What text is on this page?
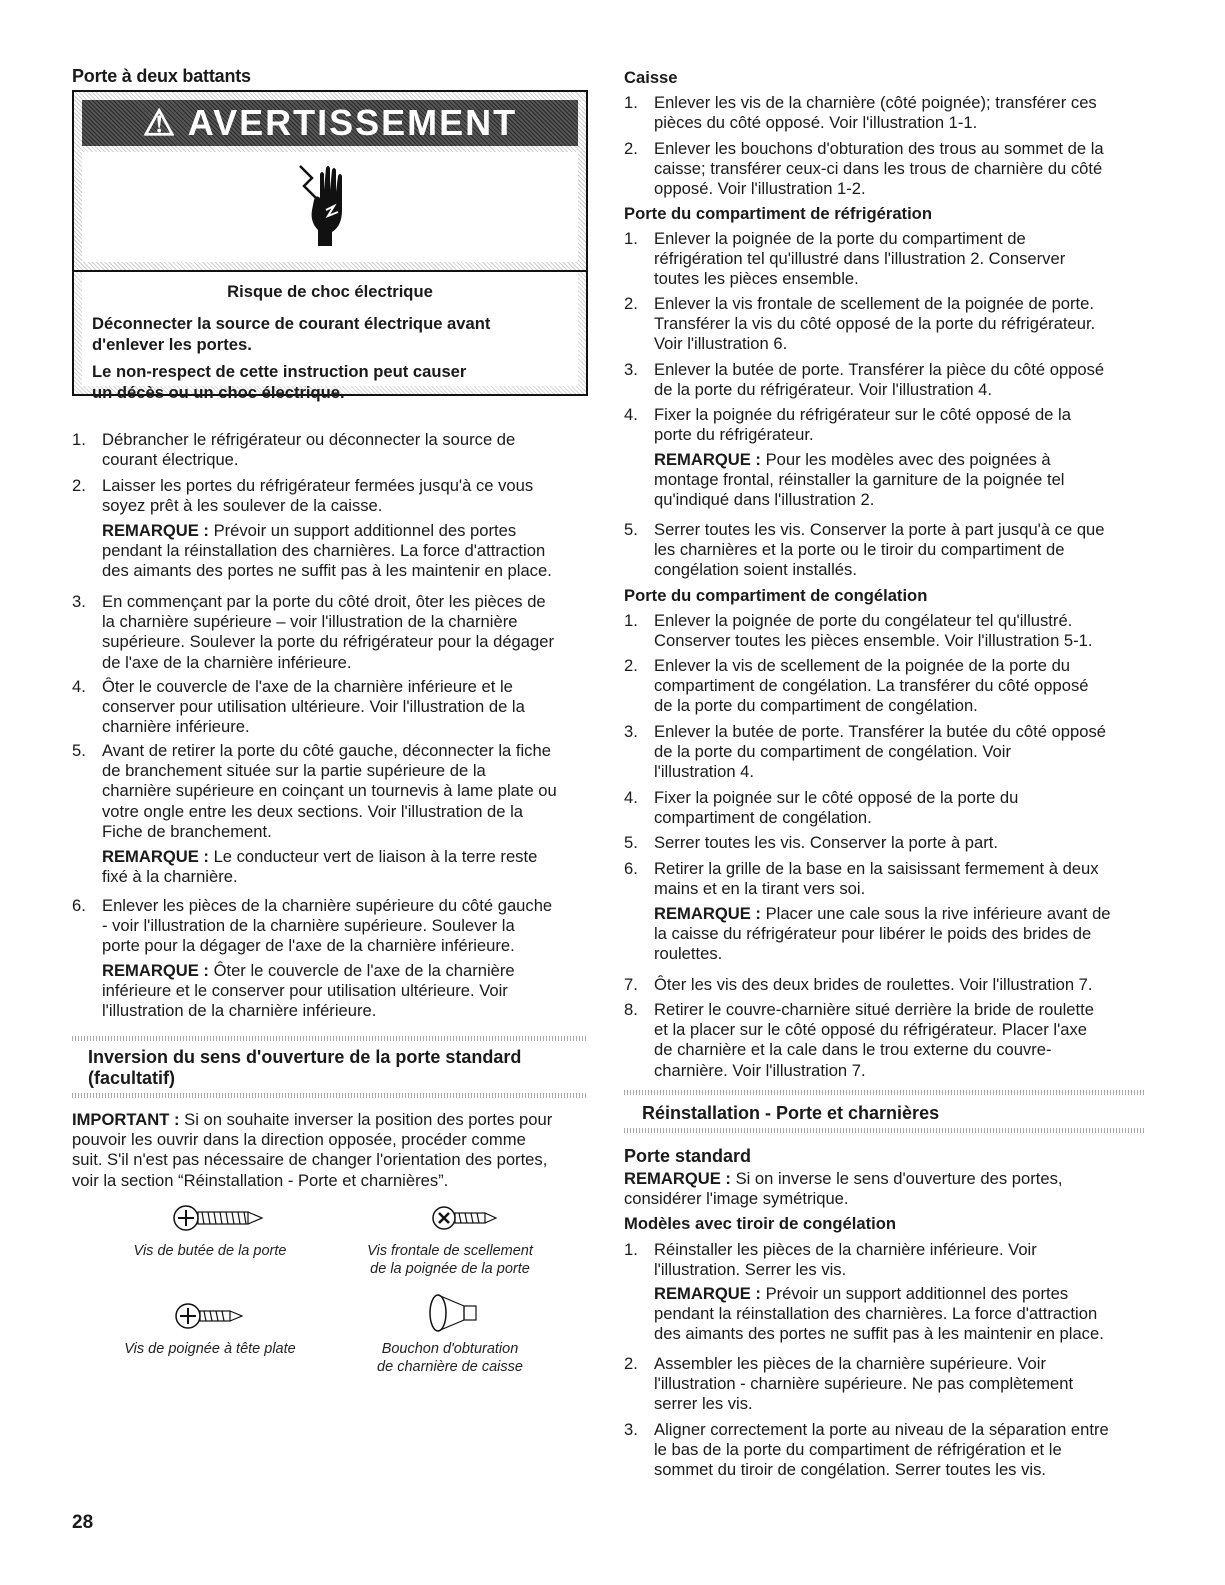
Porte à deux battants
⚠ AVERTISSEMENT
Risque de choc électrique
Déconnecter la source de courant électrique avant
d'enlever les portes.
Le non-respect de cette instruction peut causer
un décès ou un choc électrique.
1. Débrancher le réfrigérateur ou déconnecter la source de
courant électrique.
2. Laisser les portes du réfrigérateur fermées jusqu'à ce vous
soyez prêt à les soulever de la caisse.
REMARQUE : Prévoir un support additionnel des portes
pendant la réinstallation des charnières. La force d'attraction
des aimants des portes ne suffit pas à les maintenir en place.
3. En commençant par la porte du côté droit, ôter les pièces de
la charnière supérieure – voir l'illustration de la charnière
supérieure. Soulever la porte du réfrigérateur pour la dégager
de l'axe de la charnière inférieure.
4. Ôter le couvercle de l'axe de la charnière inférieure et le
conserver pour utilisation ultérieure. Voir l'illustration de la
charnière inférieure.
5. Avant de retirer la porte du côté gauche, déconnecter la fiche
de branchement située sur la partie supérieure de la
charnière supérieure en coinçant un tournevis à lame plate ou
votre ongle entre les deux sections. Voir l'illustration de la
Fiche de branchement.
REMARQUE : Le conducteur vert de liaison à la terre reste
fixé à la charnière.
6. Enlever les pièces de la charnière supérieure du côté gauche
- voir l'illustration de la charnière supérieure. Soulever la
porte pour la dégager de l'axe de la charnière inférieure.
REMARQUE : Ôter le couvercle de l'axe de la charnière
inférieure et le conserver pour utilisation ultérieure. Voir
l'illustration de la charnière inférieure.
Inversion du sens d'ouverture de la porte standard
(facultatif)
IMPORTANT : Si on souhaite inverser la position des portes pour
pouvoir les ouvrir dans la direction opposée, procéder comme
suit. S'il n'est pas nécessaire de changer l'orientation des portes,
voir la section “Réinstallation - Porte et charnières”.
Vis de butée de la porte	Vis frontale de scellement
de la poignée de la porte
Vis de poignée à tête plate	Bouchon d'obturation
de charnière de caisse
28
Caisse
1. Enlever les vis de la charnière (côté poignée); transférer ces
pièces du côté opposé. Voir l'illustration 1-1.
2. Enlever les bouchons d'obturation des trous au sommet de la
caisse; transférer ceux-ci dans les trous de charnière du côté
opposé. Voir l'illustration 1-2.
Porte du compartiment de réfrigération
1. Enlever la poignée de la porte du compartiment de
réfrigération tel qu'illustré dans l'illustration 2. Conserver
toutes les pièces ensemble.
2. Enlever la vis frontale de scellement de la poignée de porte.
Transférer la vis du côté opposé de la porte du réfrigérateur.
Voir l'illustration 6.
3. Enlever la butée de porte. Transférer la pièce du côté opposé
de la porte du réfrigérateur. Voir l'illustration 4.
4. Fixer la poignée du réfrigérateur sur le côté opposé de la
porte du réfrigérateur.
REMARQUE : Pour les modèles avec des poignées à
montage frontal, réinstaller la garniture de la poignée tel
qu'indiqué dans l'illustration 2.
5. Serrer toutes les vis. Conserver la porte à part jusqu'à ce que
les charnières et la porte ou le tiroir du compartiment de
congélation soient installés.
Porte du compartiment de congélation
1. Enlever la poignée de porte du congélateur tel qu'illustré.
Conserver toutes les pièces ensemble. Voir l'illustration 5-1.
2. Enlever la vis de scellement de la poignée de la porte du
compartiment de congélation. La transférer du côté opposé
de la porte du compartiment de congélation.
3. Enlever la butée de porte. Transférer la butée du côté opposé
de la porte du compartiment de congélation. Voir
l'illustration 4.
4. Fixer la poignée sur le côté opposé de la porte du
compartiment de congélation.
5. Serrer toutes les vis. Conserver la porte à part.
6. Retirer la grille de la base en la saisissant fermement à deux
mains et en la tirant vers soi.
REMARQUE : Placer une cale sous la rive inférieure avant de
la caisse du réfrigérateur pour libérer le poids des brides de
roulettes.
7. Ôter les vis des deux brides de roulettes. Voir l'illustration 7.
8. Retirer le couvre-charnière situé derrière la bride de roulette
et la placer sur le côté opposé du réfrigérateur. Placer l'axe
de charnière et la cale dans le trou externe du couvre-
charnière. Voir l'illustration 7.
Réinstallation - Porte et charnières
Porte standard
REMARQUE : Si on inverse le sens d'ouverture des portes,
considérer l'image symétrique.
Modèles avec tiroir de congélation
1. Réinstaller les pièces de la charnière inférieure. Voir
l'illustration. Serrer les vis.
REMARQUE : Prévoir un support additionnel des portes
pendant la réinstallation des charnières. La force d'attraction
des aimants des portes ne suffit pas à les maintenir en place.
2. Assembler les pièces de la charnière supérieure. Voir
l'illustration - charnière supérieure. Ne pas complètement
serrer les vis.
3. Aligner correctement la porte au niveau de la séparation entre
le bas de la porte du compartiment de réfrigération et le
sommet du tiroir de congélation. Serrer toutes les vis.
